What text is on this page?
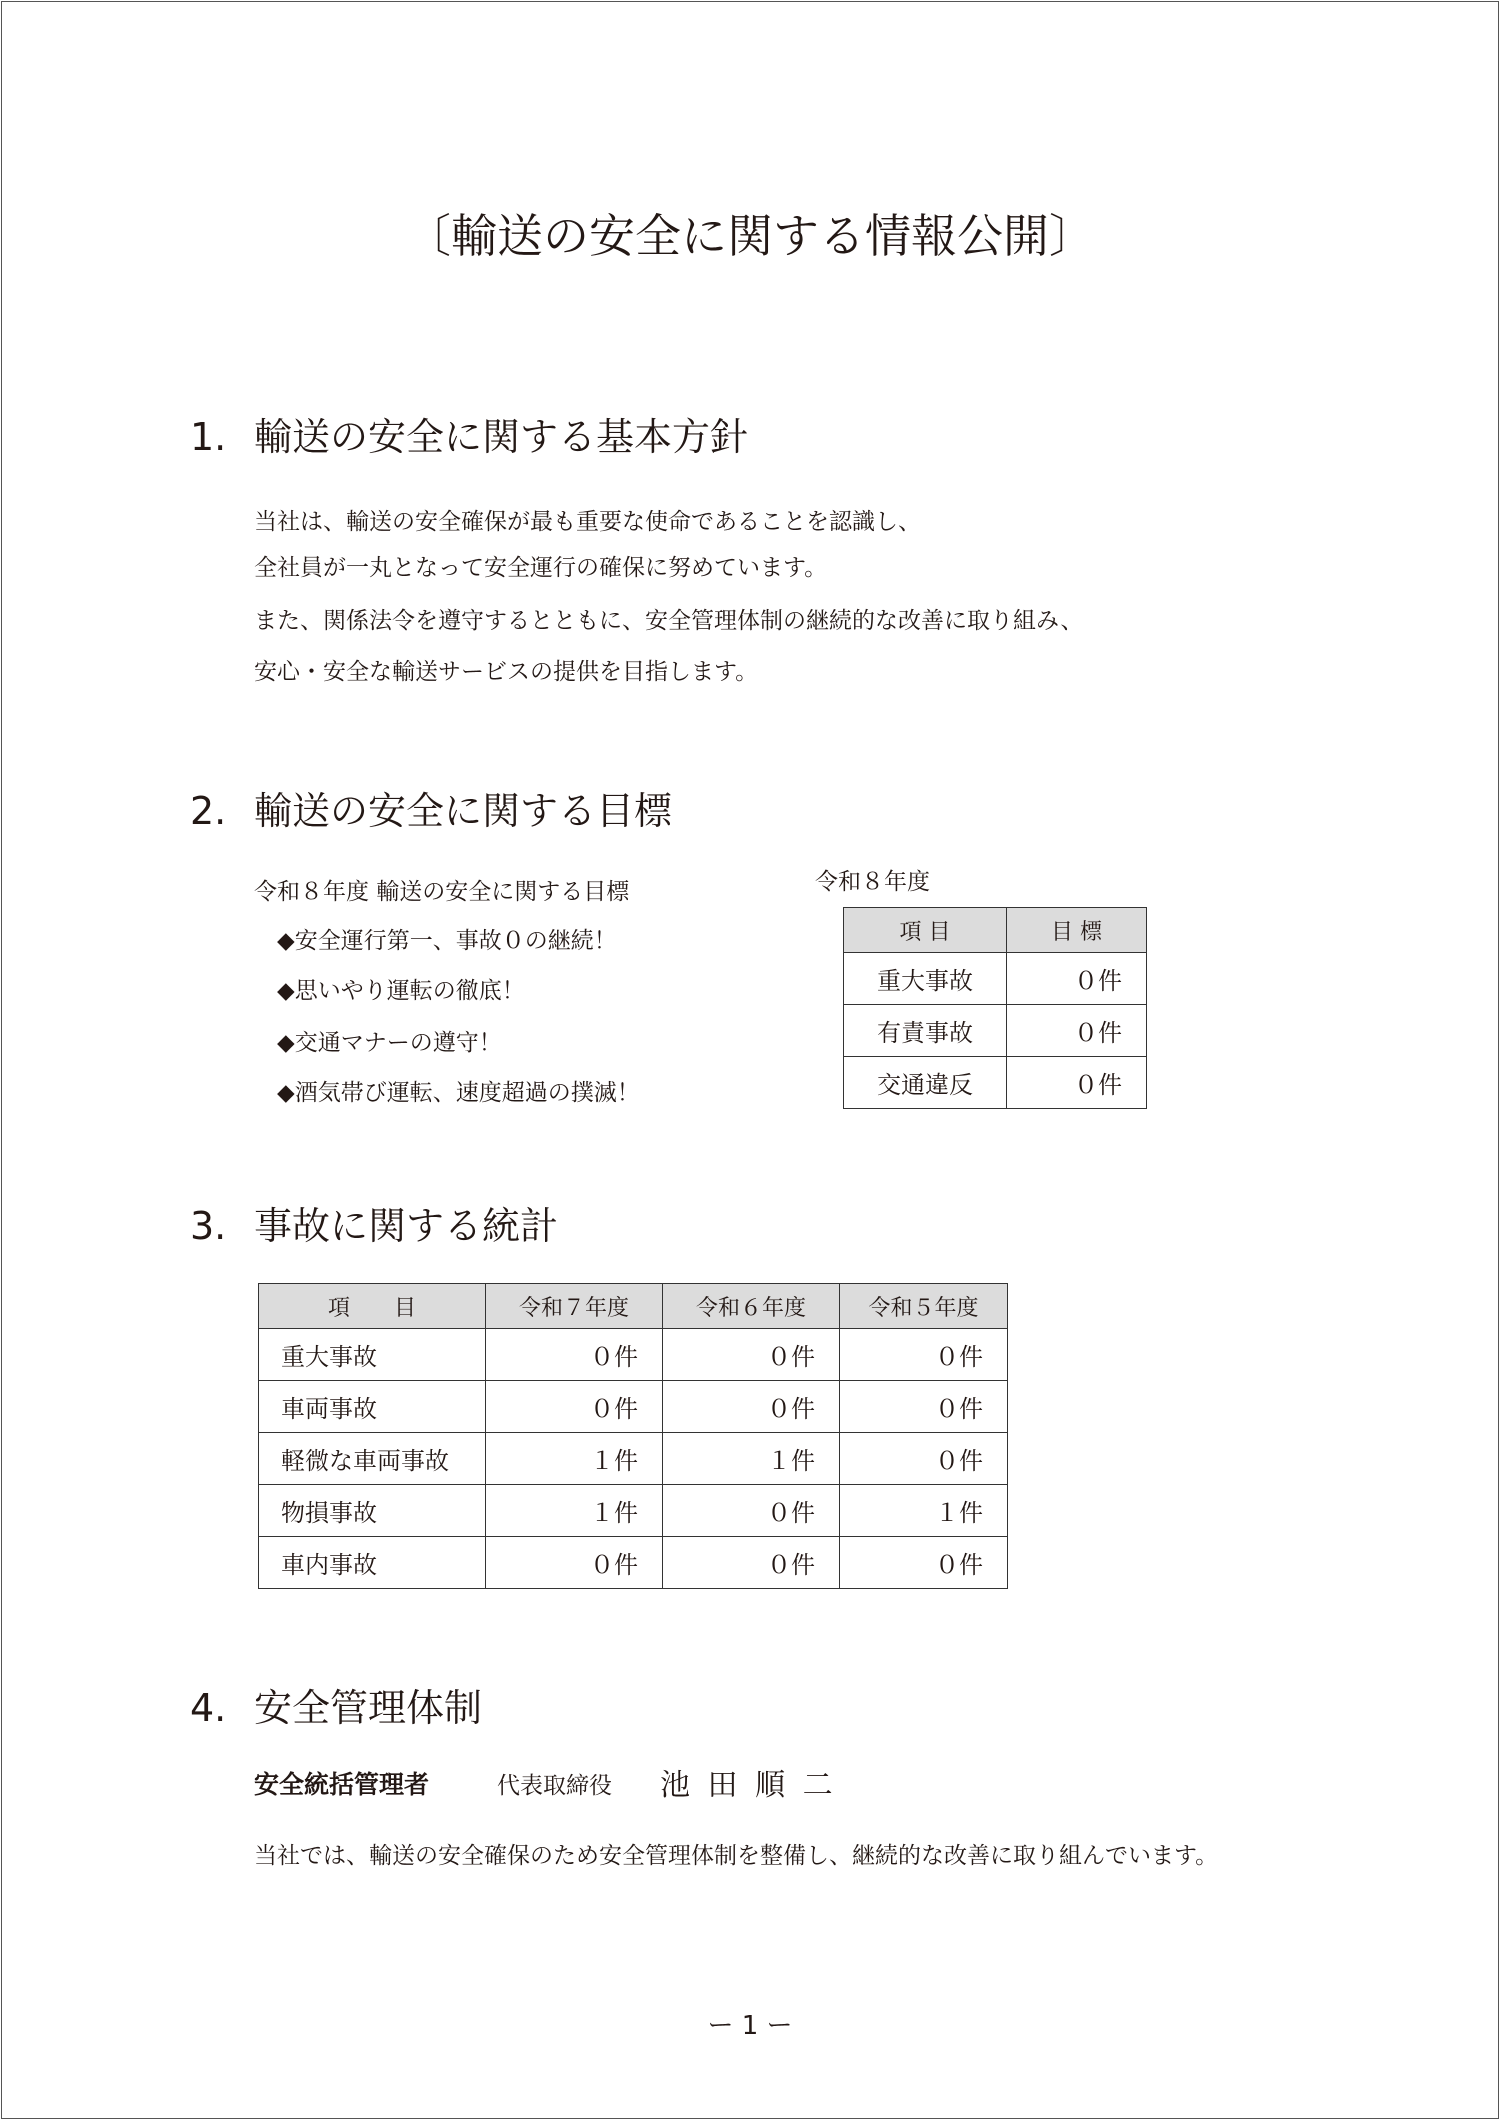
〔輸送の安全に関する情報公開〕
1. 輸送の安全に関する基本方針
当社は、輸送の安全確保が最も重要な使命であることを認識し、
全社員が一丸となって安全運行の確保に努めています。
また、関係法令を遵守するとともに、安全管理体制の継続的な改善に取り組み、
安心・安全な輸送サービスの提供を目指します。
2. 輸送の安全に関する目標
令和８年度 輸送の安全に関する目標
◆安全運行第一、事故０の継続！
◆思いやり運転の徹底！
◆交通マナーの遵守！
◆酒気帯び運転、速度超過の撲滅！
令和８年度
項 目	目 標
重大事故	０件
有責事故	０件
交通違反	０件
3. 事故に関する統計
項　　目	令和７年度	令和６年度	令和５年度
重大事故	０件	０件	０件
車両事故	０件	０件	０件
軽微な車両事故	１件	１件	０件
物損事故	１件	０件	１件
車内事故	０件	０件	０件
4. 安全管理体制
安全統括管理者	代表取締役 池 田 順 二
当社では、輸送の安全確保のため安全管理体制を整備し、継続的な改善に取り組んでいます。
ー 1 ー
